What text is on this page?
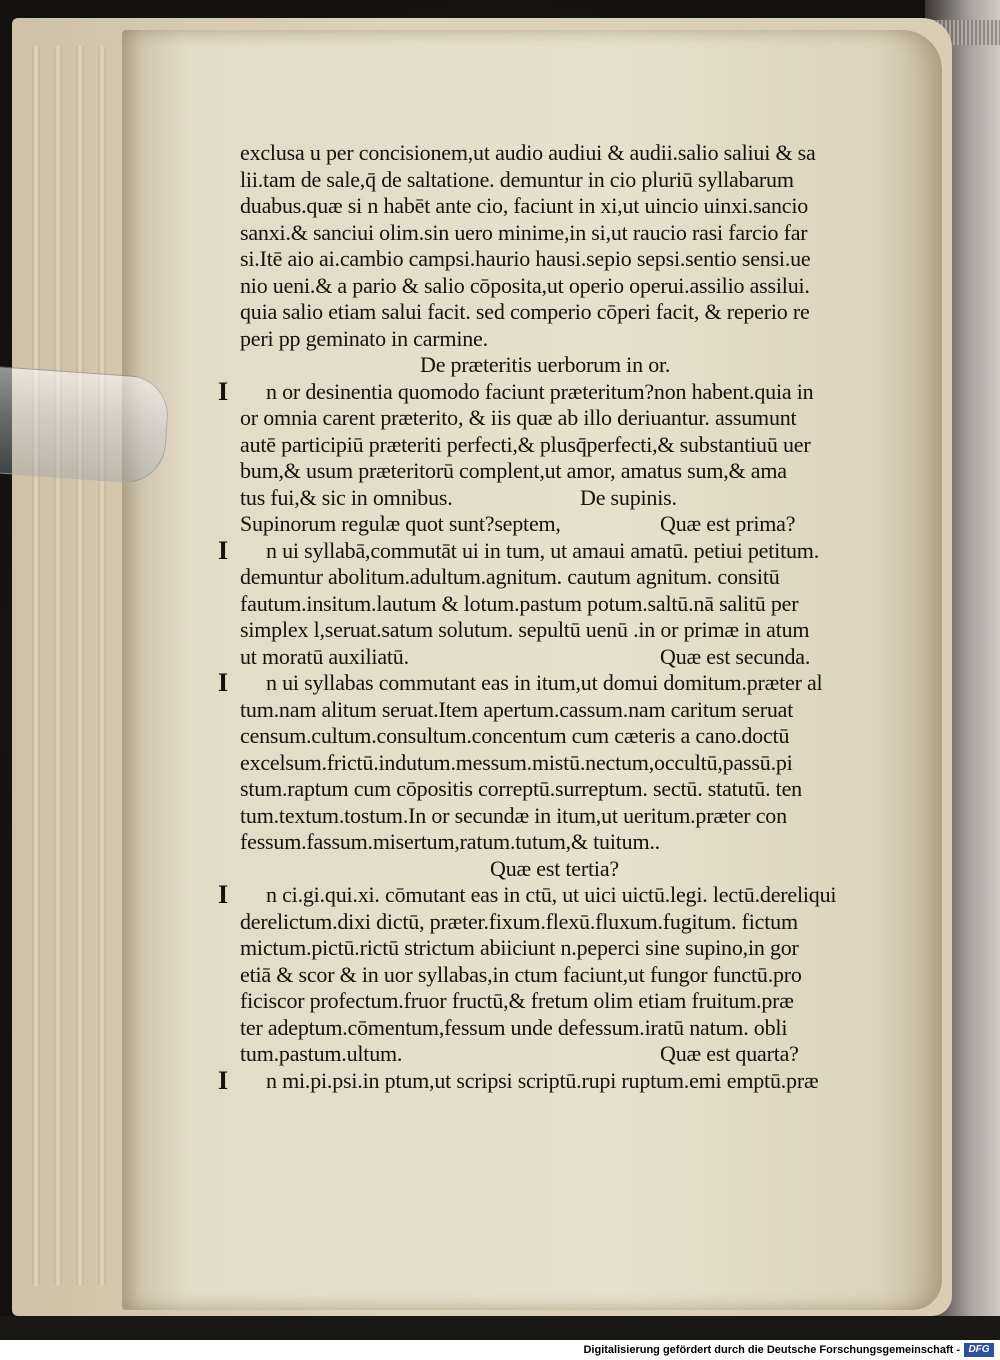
exclusa u per concisionem,ut audio audiui & audii.salio saliui & sa
lii.tam de sale,q̄ de saltatione. demuntur in cio pluriū syllabarum
duabus.quæ si n habēt ante cio, faciunt in xi,ut uincio uinxi.sancio
sanxi.& sanciui olim.sin uero minime,in si,ut raucio rasi farcio far
si.Itē aio ai.cambio campsi.haurio hausi.sepio sepsi.sentio sensi.ue
nio ueni.& a pario & salio cōposita,ut operio operui.assilio assilui.
quia salio etiam salui facit. sed comperio cōperi facit, & reperio re
peri pp geminato in carmine.
De præteritis uerborum in or.
I n or desinentia quomodo faciunt præteritum?non habent.quia in
or omnia carent præterito, & iis quæ ab illo deriuantur. assumunt
autē participiū præteriti perfecti,& plusq̄perfecti,& substantiuū uer
bum,& usum præteritorū complent,ut amor, amatus sum,& ama
tus fui,& sic in omnibus.	De supinis.
Supinorum regulæ quot sunt?septem,	Quæ est prima?
I n ui syllabā,commutāt ui in tum, ut amaui amatū. petiui petitum.
demuntur abolitum.adultum.agnitum. cautum agnitum. consitū
fautum.insitum.lautum & lotum.pastum potum.saltū.nā salitū per
simplex l,seruat.satum solutum. sepultū uenū .in or primæ in atum
ut moratū auxiliatū.	Quæ est secunda.
I n ui syllabas commutant eas in itum,ut domui domitum.præter al
tum.nam alitum seruat.Item apertum.cassum.nam caritum seruat
censum.cultum.consultum.concentum cum cæteris a cano.doctū
excelsum.frictū.indutum.messum.mistū.nectum,occultū,passū.pi
stum.raptum cum cōpositis correptū.surreptum. sectū. statutū. ten
tum.textum.tostum.In or secundæ in itum,ut ueritum.præter con
fessum.fassum.misertum,ratum.tutum,& tuitum..
Quæ est tertia?
I n ci.gi.qui.xi. cōmutant eas in ctū, ut uici uictū.legi. lectū.dereliqui
derelictum.dixi dictū, præter.fixum.flexū.fluxum.fugitum. fictum
mictum.pictū.rictū strictum abiiciunt n.peperci sine supino,in gor
etiā & scor & in uor syllabas,in ctum faciunt,ut fungor functū.pro
ficiscor profectum.fruor fructū,& fretum olim etiam fruitum.præ
ter adeptum.cōmentum,fessum unde defessum.iratū natum. obli
tum.pastum.ultum.	Quæ est quarta?
I n mi.pi.psi.in ptum,ut scripsi scriptū.rupi ruptum.emi emptū.præ
Digitalisierung gefördert durch die Deutsche Forschungsgemeinschaft - DFG
